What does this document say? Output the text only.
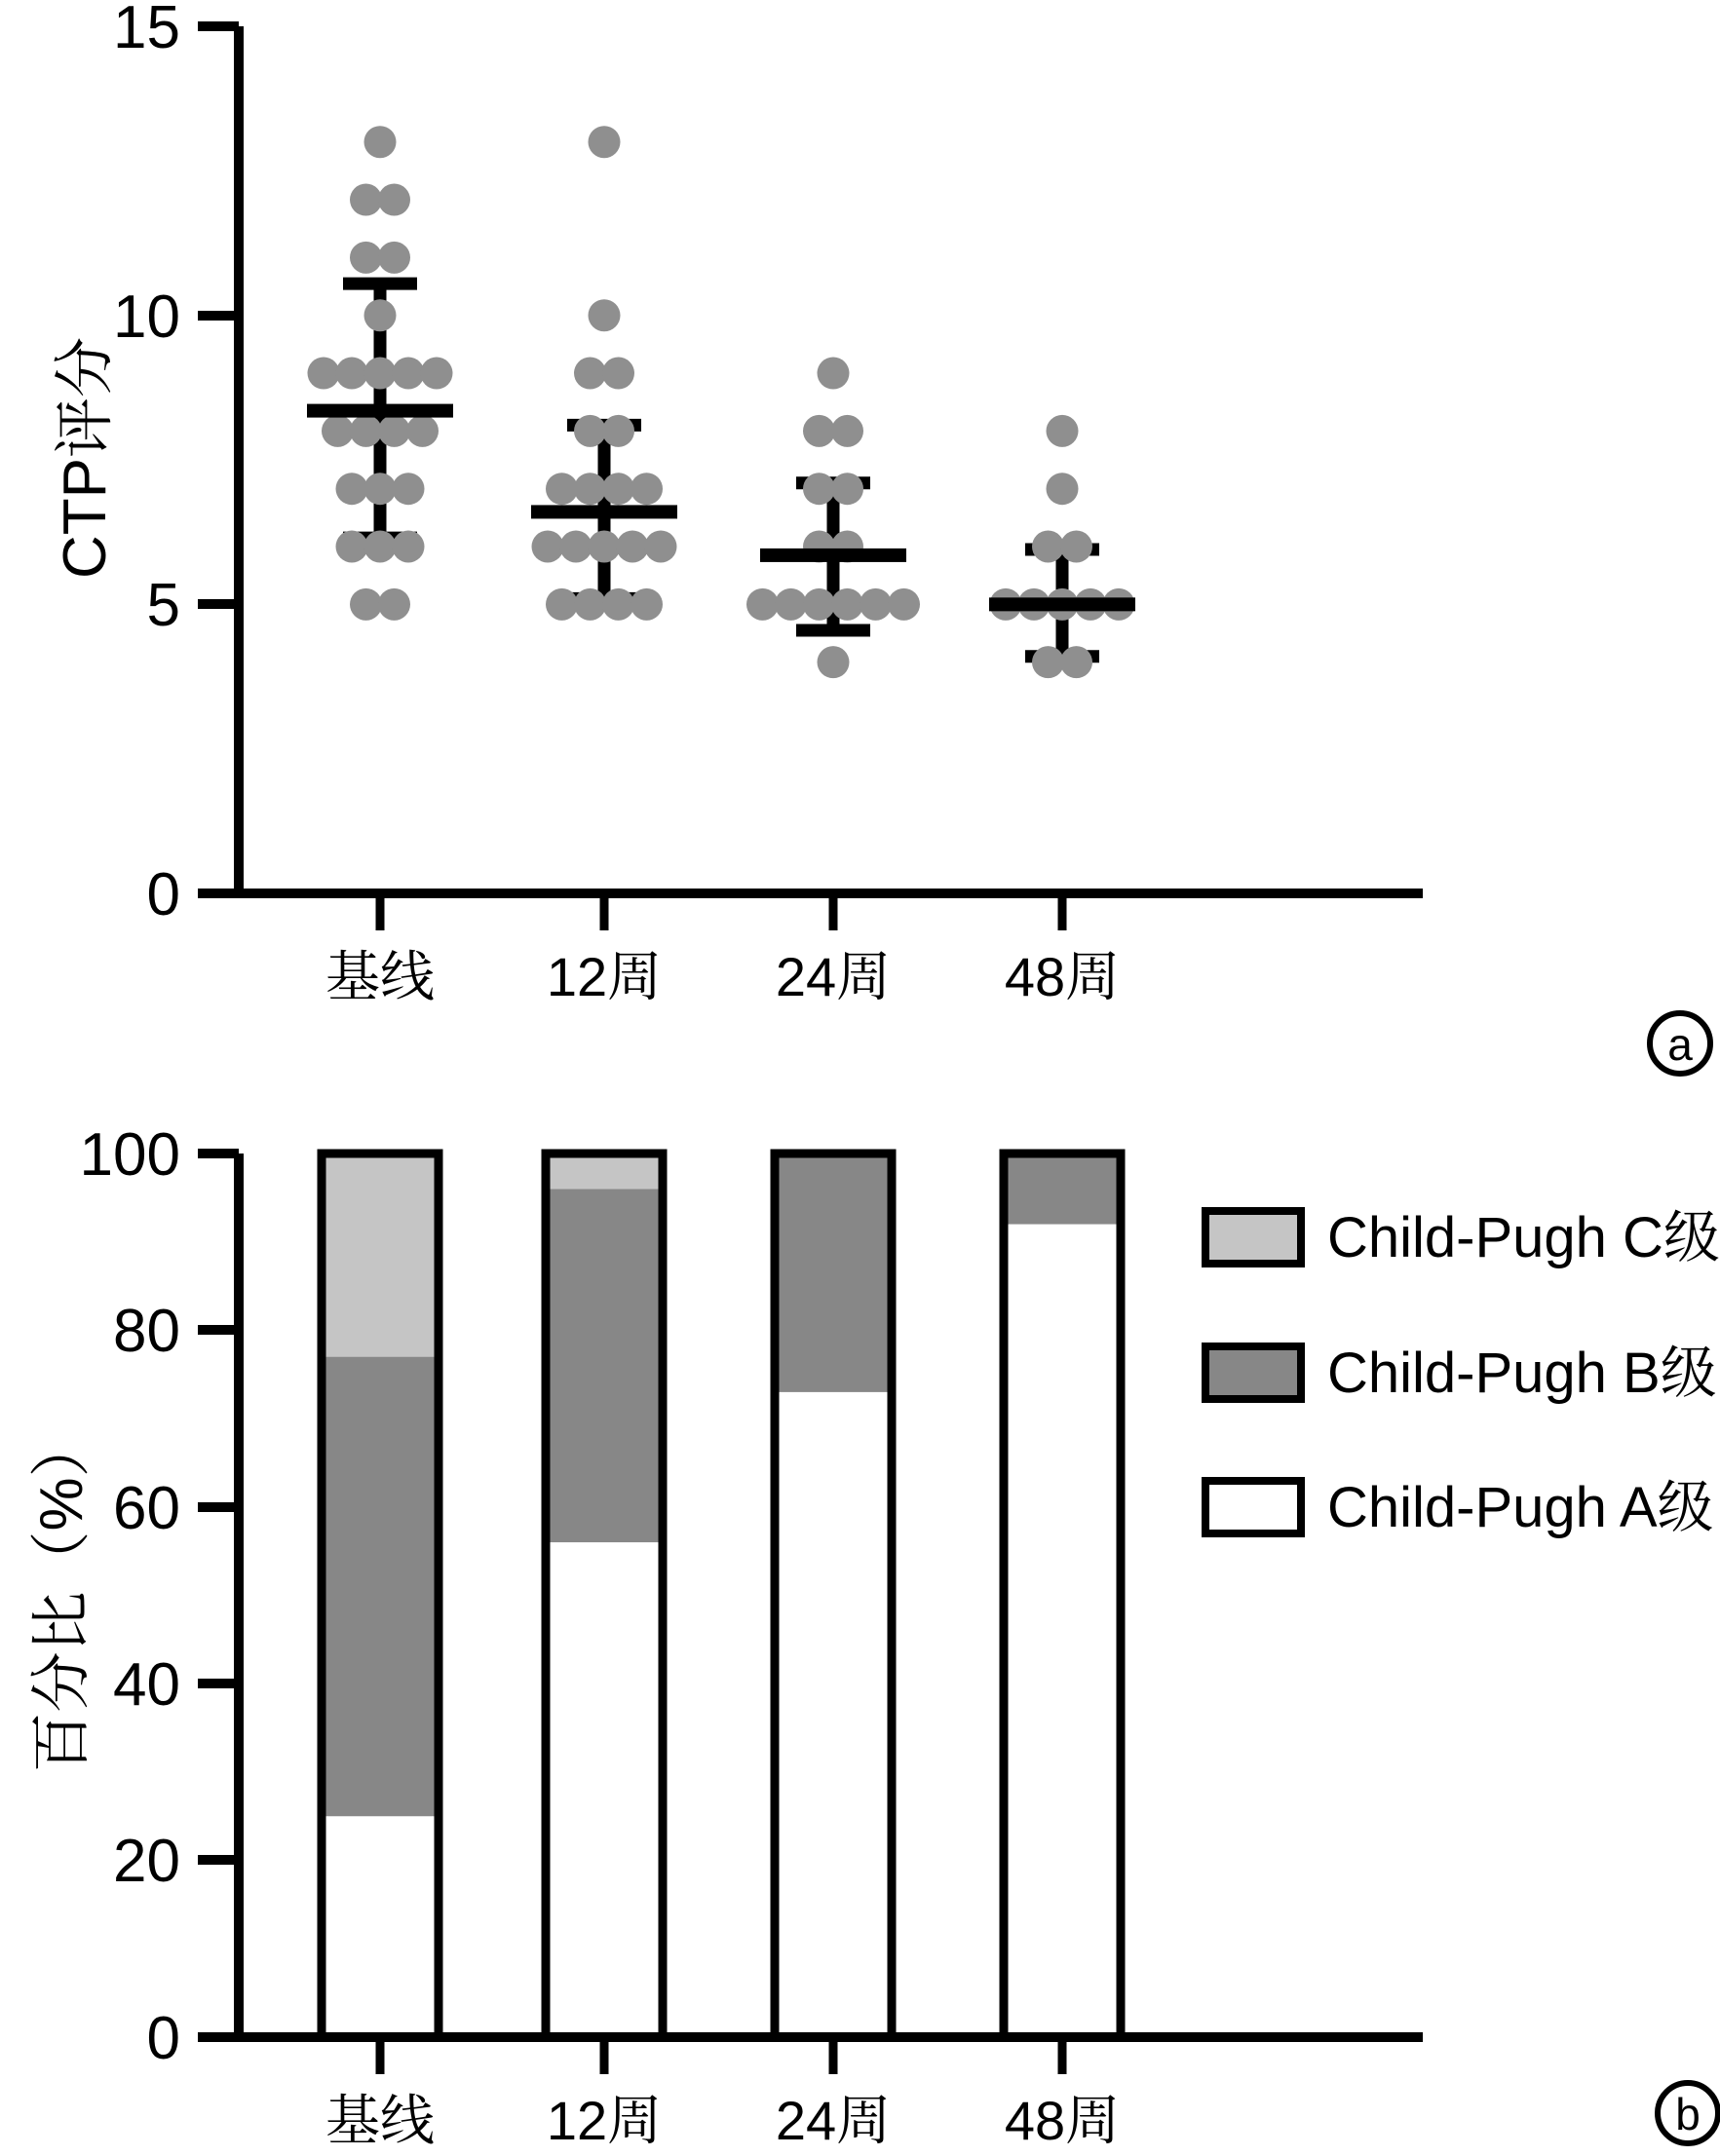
CTP评分
15
10
5
0
基线 12周 24周 48周
a
百分比（%）
100
80
60
40
20
0
基线 12周 24周 48周
Child-Pugh C级
Child-Pugh B级
Child-Pugh A级
b
